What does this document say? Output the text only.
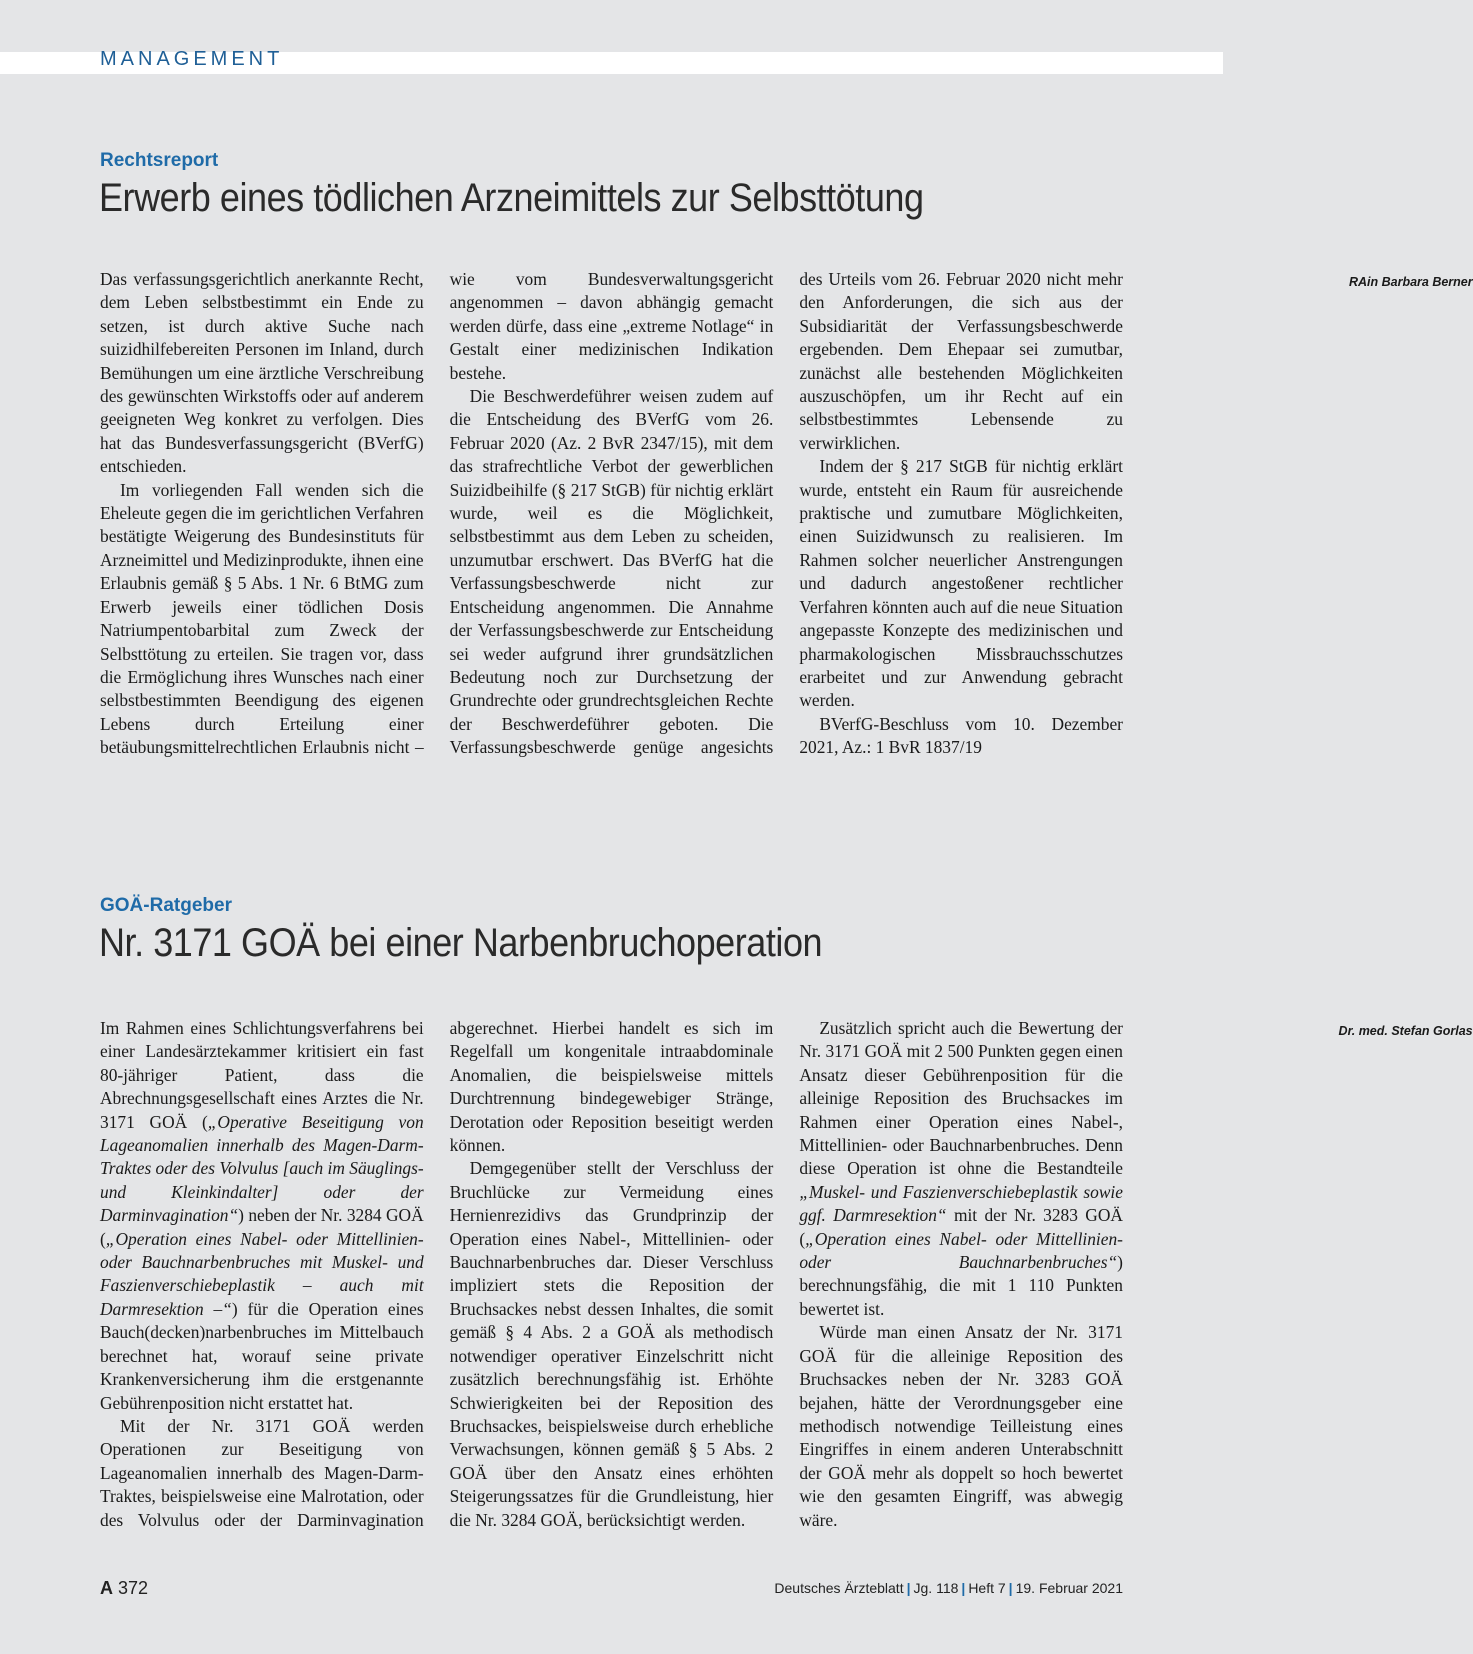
MANAGEMENT
Rechtsreport
Erwerb eines tödlichen Arzneimittels zur Selbsttötung

Das verfassungsgerichtlich anerkannte Recht, dem Leben selbstbestimmt ein Ende zu setzen, ist durch aktive Suche nach suizidhilfebereiten Personen im Inland, durch Bemühungen um eine ärztliche Verschreibung des gewünschten Wirkstoffs oder auf anderem geeigneten Weg konkret zu verfolgen. Dies hat das Bundesverfassungsgericht (BVerfG) entschieden.

Im vorliegenden Fall wenden sich die Eheleute gegen die im gerichtlichen Verfahren bestätigte Weigerung des Bundesinstituts für Arzneimittel und Medizinprodukte, ihnen eine Erlaubnis gemäß § 5 Abs. 1 Nr. 6 BtMG zum Erwerb jeweils einer tödlichen Dosis Natriumpentobarbital zum Zweck der Selbsttötung zu erteilen. Sie tragen vor, dass die Ermöglichung ihres Wunsches nach einer selbstbestimmten Beendigung des eigenen Lebens durch Erteilung einer betäubungsmittelrechtlichen Erlaubnis nicht – wie vom Bundesverwaltungsgericht angenommen – davon abhängig gemacht werden dürfe, dass eine „extreme Notlage“ in Gestalt einer medizinischen Indikation bestehe.

Die Beschwerdeführer weisen zudem auf die Entscheidung des BVerfG vom 26. Februar 2020 (Az. 2 BvR 2347/15), mit dem das strafrechtliche Verbot der gewerblichen Suizidbeihilfe (§ 217 StGB) für nichtig erklärt wurde, weil es die Möglichkeit, selbstbestimmt aus dem Leben zu scheiden, unzumutbar erschwert. Das BVerfG hat die Verfassungsbeschwerde nicht zur Entscheidung angenommen. Die Annahme der Verfassungsbeschwerde zur Entscheidung sei weder aufgrund ihrer grundsätzlichen Bedeutung noch zur Durchsetzung der Grundrechte oder grundrechtsgleichen Rechte der Beschwerdeführer geboten. Die Verfassungsbeschwerde genüge angesichts des Urteils vom 26. Februar 2020 nicht mehr den Anforderungen, die sich aus der Subsidiarität der Verfassungsbeschwerde ergebenden. Dem Ehepaar sei zumutbar, zunächst alle bestehenden Möglichkeiten auszuschöpfen, um ihr Recht auf ein selbstbestimmtes Lebensende zu verwirklichen.

Indem der § 217 StGB für nichtig erklärt wurde, entsteht ein Raum für ausreichende praktische und zumutbare Möglichkeiten, einen Suizidwunsch zu realisieren. Im Rahmen solcher neuerlicher Anstrengungen und dadurch angestoßener rechtlicher Verfahren könnten auch auf die neue Situation angepasste Konzepte des medizinischen und pharmakologischen Missbrauchsschutzes erarbeitet und zur Anwendung gebracht werden.

BVerfG-Beschluss vom 10. Dezember 2021, Az.: 1 BvR 1837/19
RAin Barbara Berner

GOÄ-Ratgeber
Nr. 3171 GOÄ bei einer Narbenbruchoperation

Im Rahmen eines Schlichtungsverfahrens bei einer Landesärztekammer kritisiert ein fast 80-jähriger Patient, dass die Abrechnungsgesellschaft eines Arztes die Nr. 3171 GOÄ („Operative Beseitigung von Lageanomalien innerhalb des Magen-Darm-Traktes oder des Volvulus [auch im Säuglings- und Kleinkindalter] oder der Darminvagination“) neben der Nr. 3284 GOÄ („Operation eines Nabel- oder Mittellinien- oder Bauchnarbenbruches mit Muskel- und Faszienverschiebeplastik – auch mit Darmresektion –“) für die Operation eines Bauch(decken)narbenbruches im Mittelbauch berechnet hat, worauf seine private Krankenversicherung ihm die erstgenannte Gebührenposition nicht erstattet hat.

Mit der Nr. 3171 GOÄ werden Operationen zur Beseitigung von Lageanomalien innerhalb des Magen-Darm-Traktes, beispielsweise eine Malrotation, oder des Volvulus oder der Darminvagination abgerechnet. Hierbei handelt es sich im Regelfall um kongenitale intraabdominale Anomalien, die beispielsweise mittels Durchtrennung bindegewebiger Stränge, Derotation oder Reposition beseitigt werden können.

Demgegenüber stellt der Verschluss der Bruchlücke zur Vermeidung eines Hernienrezidivs das Grundprinzip der Operation eines Nabel-, Mittellinien- oder Bauchnarbenbruches dar. Dieser Verschluss impliziert stets die Reposition der Bruchsackes nebst dessen Inhaltes, die somit gemäß § 4 Abs. 2 a GOÄ als methodisch notwendiger operativer Einzelschritt nicht zusätzlich berechnungsfähig ist. Erhöhte Schwierigkeiten bei der Reposition des Bruchsackes, beispielsweise durch erhebliche Verwachsungen, können gemäß § 5 Abs. 2 GOÄ über den Ansatz eines erhöhten Steigerungssatzes für die Grundleistung, hier die Nr. 3284 GOÄ, berücksichtigt werden.

Zusätzlich spricht auch die Bewertung der Nr. 3171 GOÄ mit 2 500 Punkten gegen einen Ansatz dieser Gebührenposition für die alleinige Reposition des Bruchsackes im Rahmen einer Operation eines Nabel-, Mittellinien- oder Bauchnarbenbruches. Denn diese Operation ist ohne die Bestandteile „Muskel- und Faszienverschiebeplastik sowie ggf. Darmresektion“ mit der Nr. 3283 GOÄ („Operation eines Nabel- oder Mittellinien- oder Bauchnarbenbruches“) berechnungsfähig, die mit 1 110 Punkten bewertet ist.

Würde man einen Ansatz der Nr. 3171 GOÄ für die alleinige Reposition des Bruchsackes neben der Nr. 3283 GOÄ bejahen, hätte der Verordnungsgeber eine methodisch notwendige Teilleistung eines Eingriffes in einem anderen Unterabschnitt der GOÄ mehr als doppelt so hoch bewertet wie den gesamten Eingriff, was abwegig wäre.
Dr. med. Stefan Gorlas

A 372	Deutsches Ärzteblatt | Jg. 118 | Heft 7 | 19. Februar 2021
